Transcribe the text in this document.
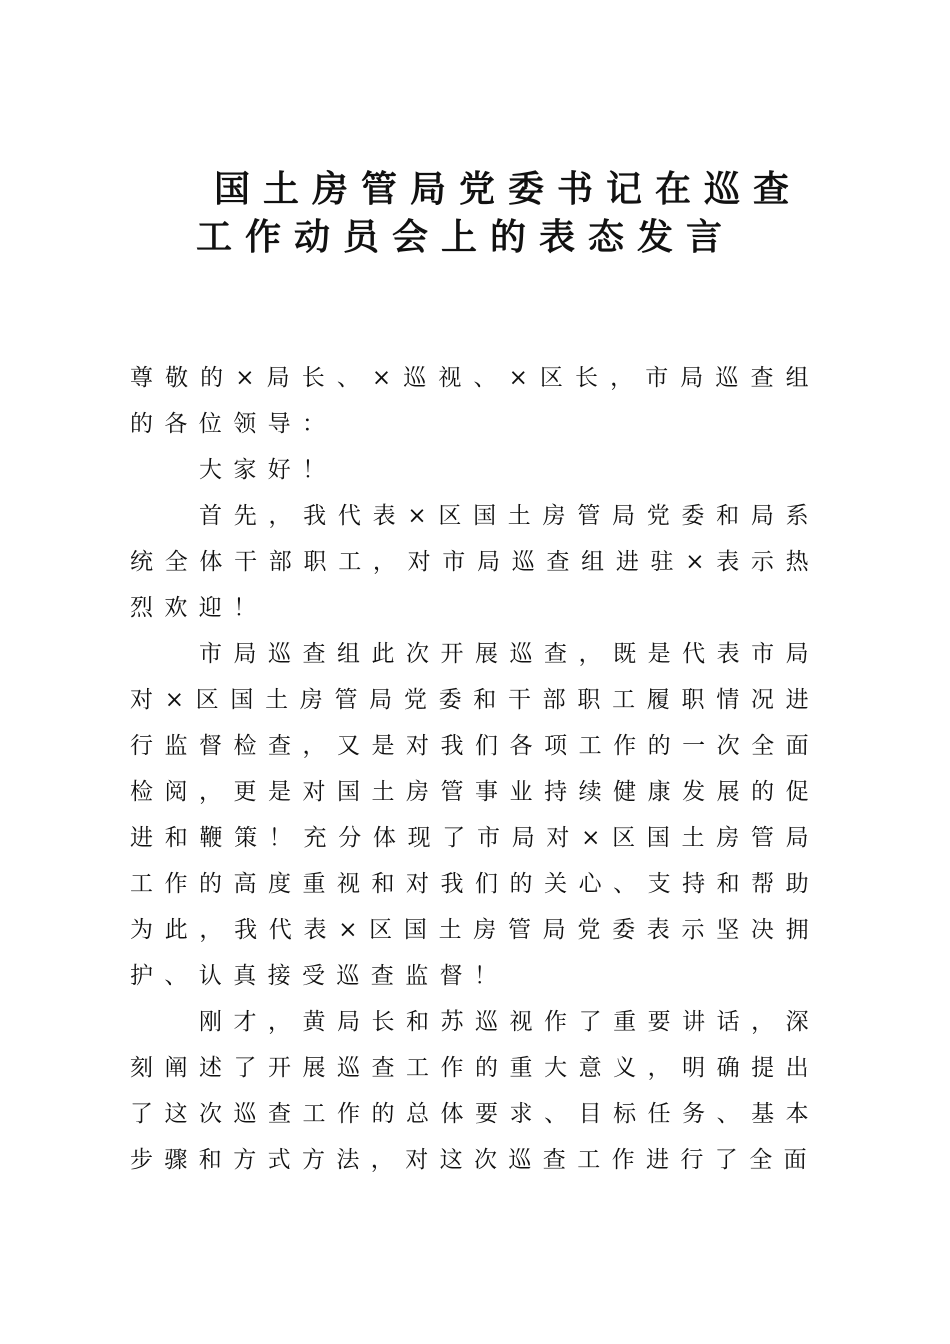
国土房管局党委书记在巡查
工作动员会上的表态发言

尊敬的×局长、×巡视、×区长，市局巡查组的各位领导：

大家好！

首先，我代表×区国土房管局党委和局系统全体干部职工，对市局巡查组进驻×表示热烈欢迎！

市局巡查组此次开展巡查，既是代表市局对×区国土房管局党委和干部职工履职情况进行监督检查，又是对我们各项工作的一次全面检阅，更是对国土房管事业持续健康发展的促进和鞭策！充分体现了市局对×区国土房管局工作的高度重视和对我们的关心、支持和帮助为此，我代表×区国土房管局党委表示坚决拥护、认真接受巡查监督！

刚才，黄局长和苏巡视作了重要讲话，深刻阐述了开展巡查工作的重大意义，明确提出了这次巡查工作的总体要求、目标任务、基本步骤和方式方法，对这次巡查工作进行了全面
